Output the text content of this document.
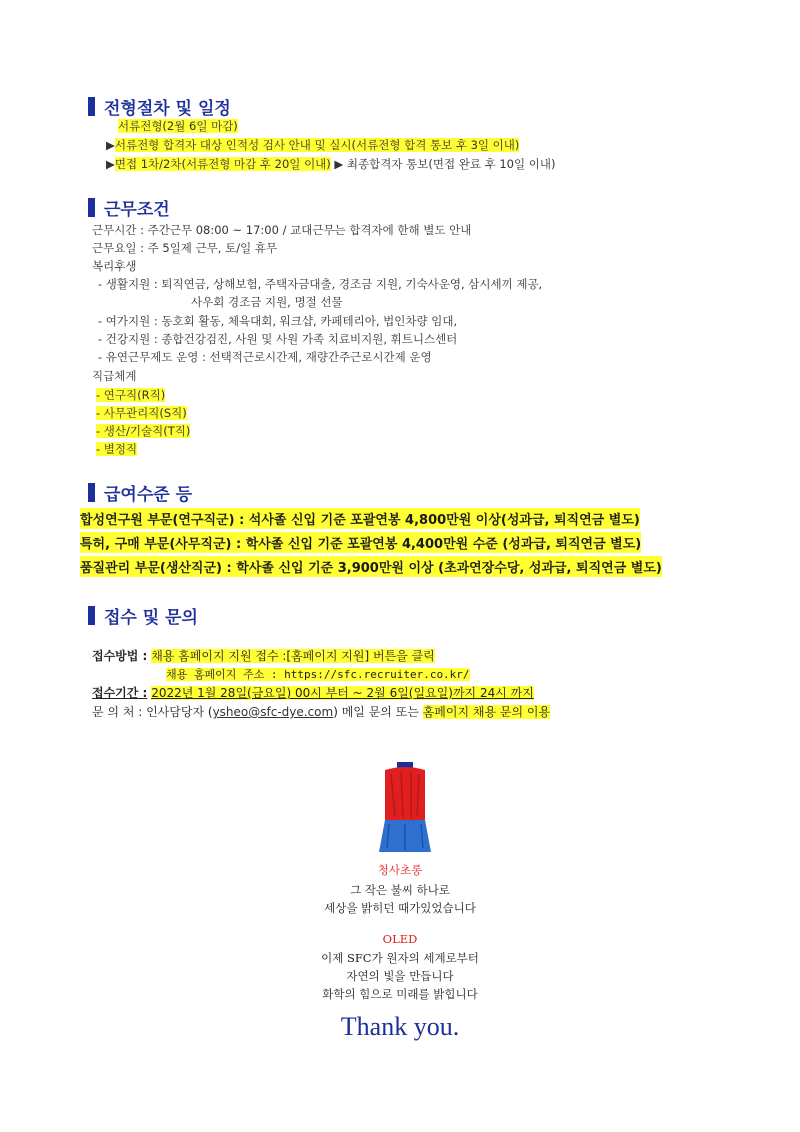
전형절차 및 일정
서류전형(2월 6일 마감)
▶서류전형 합격자 대상 인적성 검사 안내 및 실시(서류전형 합격 통보 후 3일 이내)
▶면접 1차/2차(서류전형 마감 후 20일 이내) ▶ 최종합격자 통보(면접 완료 후 10일 이내)
근무조건
근무시간 : 주간근무 08:00 ~ 17:00 / 교대근무는 합격자에 한해 별도 안내
근무요일 : 주 5일제 근무, 토/일 휴무
복리후생
- 생활지원 : 퇴직연금, 상해보험, 주택자금대출, 경조금 지원, 기숙사운영, 삼시세끼 제공,
사우회 경조금 지원, 명절 선물
- 여가지원 : 동호회 활동, 체육대회, 워크샵, 카페테리아, 법인차량 임대,
- 건강지원 : 종합건강검진, 사원 및 사원 가족 치료비지원, 휘트니스센터
- 유연근무제도 운영 : 선택적근로시간제, 재량간주근로시간제 운영
직급체계
- 연구직(R직)
- 사무관리직(S직)
- 생산/기술직(T직)
- 별정직
급여수준 등
합성연구원 부문(연구직군) : 석사졸 신입 기준 포괄연봉 4,800만원 이상(성과급, 퇴직연금 별도)
특허, 구매 부문(사무직군) : 학사졸 신입 기준 포괄연봉 4,400만원 수준 (성과급, 퇴직연금 별도)
품질관리 부문(생산직군) : 학사졸 신입 기준 3,900만원 이상 (초과연장수당, 성과급, 퇴직연금 별도)
접수 및 문의
접수방법 : 채용 홈페이지 지원 접수 :[홈페이지 지원] 버튼을 클릭
채용 홈페이지 주소 : https://sfc.recruiter.co.kr/
접수기간 : 2022년 1월 28일(금요일) 00시 부터 ~ 2월 6일(일요일)까지 24시 까지
문 의 처 : 인사담당자 (ysheo@sfc-dye.com) 메일 문의 또는 홈페이지 채용 문의 이용
청사초롱
그 작은 불씨 하나로
세상을 밝히던 때가있었습니다
OLED
이제 SFC가 원자의 세계로부터
자연의 빛을 만듭니다
화학의 힘으로 미래를 밝힙니다
Thank you.
